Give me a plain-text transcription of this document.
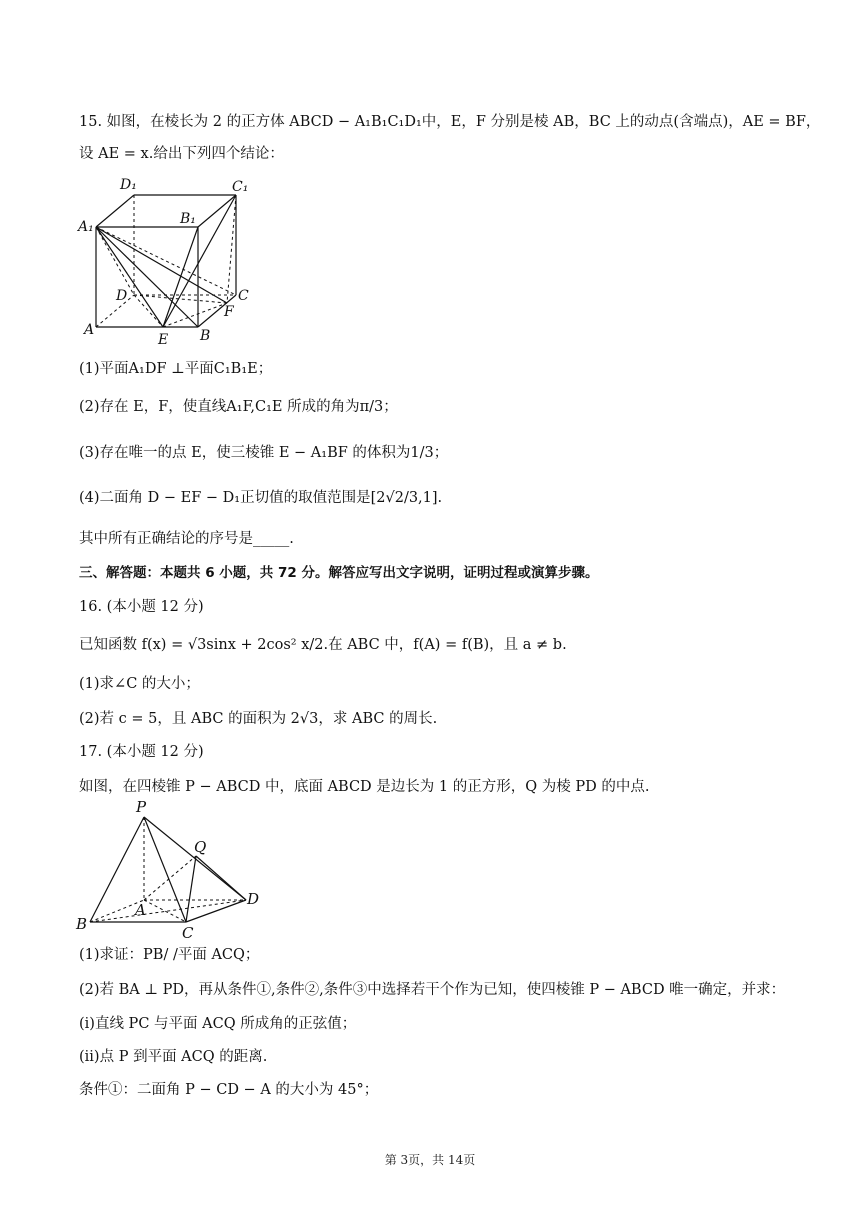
15. 如图，在棱长为 2 的正方体 ABCD − A₁B₁C₁D₁中，E，F 分别是棱 AB，BC 上的动点(含端点)，AE = BF，
设 AE = x.给出下列四个结论：
D₁	C₁
A₁	B₁
D	C
F
A
E B
(1)平面A₁DF ⊥平面C₁B₁E；
(2)存在 E，F，使直线A₁F,C₁E 所成的角为π/3；
(3)存在唯一的点 E，使三棱锥 E − A₁BF 的体积为1/3；
(4)二面角 D − EF − D₁正切值的取值范围是[2√2/3,1].
其中所有正确结论的序号是_____.
三、解答题：本题共 6 小题，共 72 分。解答应写出文字说明，证明过程或演算步骤。
16. (本小题 12 分)
已知函数 f(x) = √3sinx + 2cos² x/2.在 ABC 中，f(A) = f(B)，且 a ≠ b.
(1)求∠C 的大小；
(2)若 c = 5，且 ABC 的面积为 2√3，求 ABC 的周长.
17. (本小题 12 分)
如图，在四棱锥 P − ABCD 中，底面 ABCD 是边长为 1 的正方形，Q 为棱 PD 的中点.
P
Q
D
B
A
C
(1)求证：PB/ /平面 ACQ；
(2)若 BA ⊥ PD，再从条件①,条件②,条件③中选择若干个作为已知，使四棱锥 P − ABCD 唯一确定，并求：
(i)直线 PC 与平面 ACQ 所成角的正弦值；
(ii)点 P 到平面 ACQ 的距离.
条件①：二面角 P − CD − A 的大小为 45°；
第 3页，共 14页
